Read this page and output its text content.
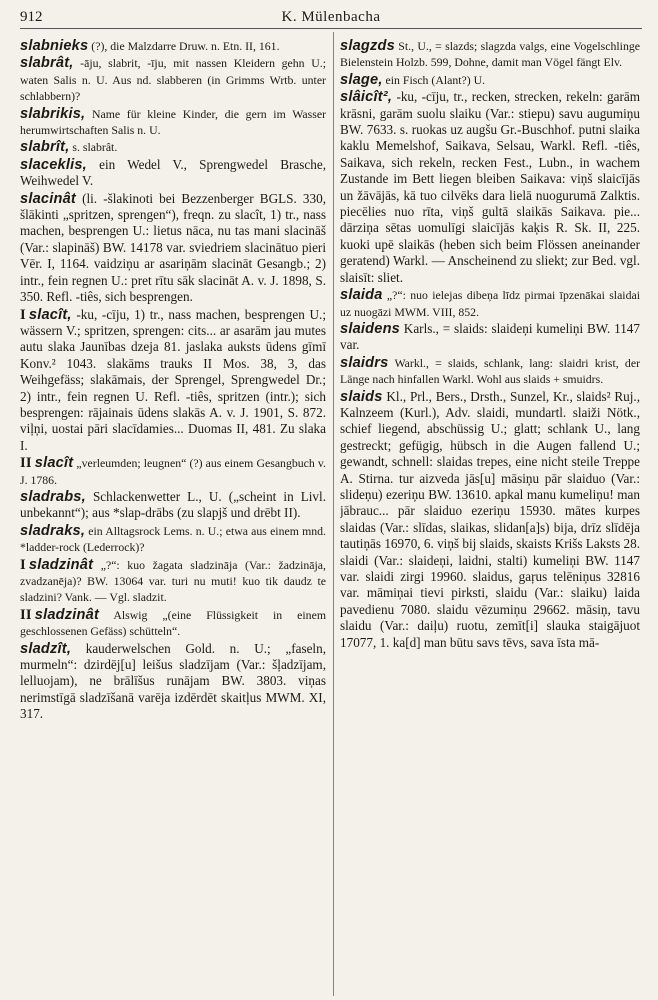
912	K. Mülenbacha
slabnieks (?), die Malzdarre Druw. n. Etn. II, 161.
slabrât, -āju, slabrit, -īju, mit nassen Kleidern gehn U.; waten Salis n. U. Aus nd. slabberen (in Grimms Wrtb. unter schlabbern)?
slabrikis, Name für kleine Kinder, die gern im Wasser herumwirtschaften Salis n. U.
slabrît, s. slabrât.
slaceklis, ein Wedel V., Sprengwedel Brasche, Weihwedel V.
slacinât (li. -šlakinoti bei Bezzenberger BGLS. 330, šlākinti „spritzen, sprengen“), freqn. zu slacît, 1) tr., nass machen, besprengen U.: lietus nāca, nu tas mani slacināš (Var.: slapināš) BW. 14178 var. sviedriem slacinātuo pieri Vēr. I, 1164. vaidziņu ar asariņām slacināt Gesangb.; 2) intr., fein regnen U.: pret rītu sāk slacināt A. v. J. 1898, S. 350. Refl. -tiês, sich besprengen.
I slacît, -ku, -cīju, 1) tr., nass machen, besprengen U.; wässern V.; spritzen, sprengen: cits... ar asarām jau mutes autu slaka Jaunības dzeja 81. jaslaka auksts ūdens gīmī Konv.² 1043. slakāms trauks II Mos. 38, 3, das Weihgefäss; slakāmais, der Sprengel, Sprengwedel Dr.; 2) intr., fein regnen U. Refl. -tiês, spritzen (intr.); sich besprengen: rājainais ūdens slakās A. v. J. 1901, S. 872. viļņi, uostai pāri slacīdamies... Duomas II, 481. Zu slaka I.
II slacît „verleumden; leugnen“ (?) aus einem Gesangbuch v. J. 1786.
sladrabs, Schlackenwetter L., U. („scheint in Livl. unbekannt“); aus *slap-drābs (zu slapjš und drēbt II).
sladraks, ein Alltagsrock Lems. n. U.; etwa aus einem mnd. *ladder-rock (Lederrock)?
I sladzinât „?“: kuo žagata sladzināja (Var.: žadzināja, zvadzanēja)? BW. 13064 var. turi nu muti! kuo tik daudz te sladzini? Vank. — Vgl. sladzit.
II sladzinât Alswig „(eine Flüssigkeit in einem geschlossenen Gefäss) schütteln“.
sladzît, kauderwelschen Gold. n. U.; „faseln, murmeln“: dzirdēj[u] leišus sladzījam (Var.: šļadzījam, lelluojam), ne brālīšus runājam BW. 3803. viņas nerimstīgā sladzīšanā varēja izdērdēt skaitļus MWM. XI, 317.
slagzds St., U., = slazds; slagzda valgs, eine Vogelschlinge Bielenstein Holzb. 599, Dohne, damit man Vögel fängt Elv.
slage, ein Fisch (Alant?) U.
slâicît², -ku, -cīju, tr., recken, strecken, rekeln: garām krāsni, garām suolu slaiku (Var.: stiepu) savu augumiņu BW. 7633. s. ruokas uz augšu Gr.-Buschhof. putni slaika kaklu Memelshof, Saikava, Selsau, Warkl. Refl. -tiês, Saikava, sich rekeln, recken Fest., Lubn., in wachem Zustande im Bett liegen bleiben Saikava: viņš slaicījās un žāvājās, kā tuo cilvēks dara lielā nuogurumā Zalktis. piecēlies nuo rīta, viņš gultā slaikās Saikava. pie... dārziņa sētas uomulīgi slaicījās kaķis R. Sk. II, 225. kuoki upē slaikās (heben sich beim Flössen aneinander geratend) Warkl. — Anscheinend zu sliekt; zur Bed. vgl. slaisīt: sliet.
slaida „?“: nuo ielejas dibeņa līdz pirmai īpzenākai slaidai uz nuogāzi MWM. VIII, 852.
slaidens Karls., = slaids: slaideņi kumeliņi BW. 1147 var.
slaidrs Warkl., = slaids, schlank, lang: slaidri krist, der Länge nach hinfallen Warkl. Wohl aus slaids + smuidrs.
slaids Kl., Prl., Bers., Drsth., Sunzel, Kr., slaids² Ruj., Kalnzeem (Kurl.), Adv. slaidi, mundartl. slaiži Nötk., schief liegend, abschüssig U.; glatt; schlank U., lang gestreckt; gefügig, hübsch in die Augen fallend U.; gewandt, schnell: slaidas trepes, eine nicht steile Treppe A. Stirna. tur aizveda jās[u] māsiņu pār slaiduo (Var.: slideņu) ezeriņu BW. 13610. apkal manu kumeliņu! man jābrauc... pār slaiduo ezeriņu 15930. mātes kurpes slaidas (Var.: slīdas, slaikas, slidan[a]s) bija, drīz slīdēja tautiņās 16970, 6. viņš bij slaids, skaists Krišs Laksts 28. slaidi (Var.: slaideņi, laidni, stalti) kumeliņi BW. 1147 var. slaidi zirgi 19960. slaidus, gaŗus telēniņus 32816 var. māmiņai tievi pirksti, slaidu (Var.: slaiku) laida pavedienu 7080. slaidu vēzumiņu 29662. māsiņ, tavu slaidu (Var.: daiļu) ruotu, zemīt[i] slauka staigājuot 17077, 1. ka[d] man būtu savs tēvs, sava īsta mā-
